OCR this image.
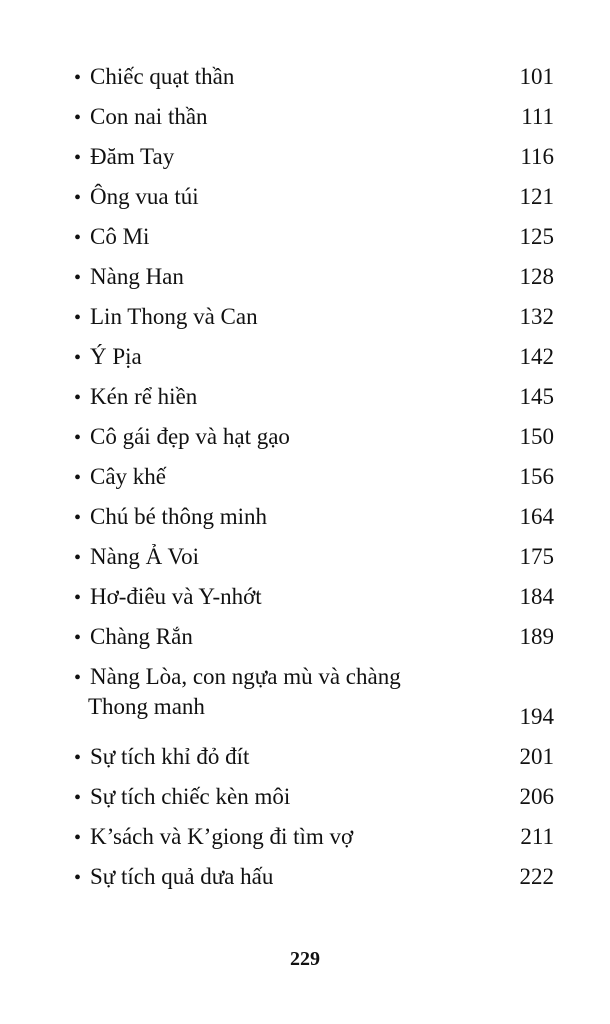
• Chiếc quạt thần	101
• Con nai thần	111
• Đăm Tay	116
• Ông vua túi	121
• Cô Mi	125
• Nàng Han	128
• Lin Thong và Can	132
• Ý Pịa	142
• Kén rể hiền	145
• Cô gái đẹp và hạt gạo	150
• Cây khế	156
• Chú bé thông minh	164
• Nàng Ả Voi	175
• Hơ-điêu và Y-nhớt	184
• Chàng Rắn	189
• Nàng Lòa, con ngựa mù và chàng
Thong manh	194
• Sự tích khỉ đỏ đít	201
• Sự tích chiếc kèn môi	206
• K’sách và K’giong đi tìm vợ	211
• Sự tích quả dưa hấu	222
229
